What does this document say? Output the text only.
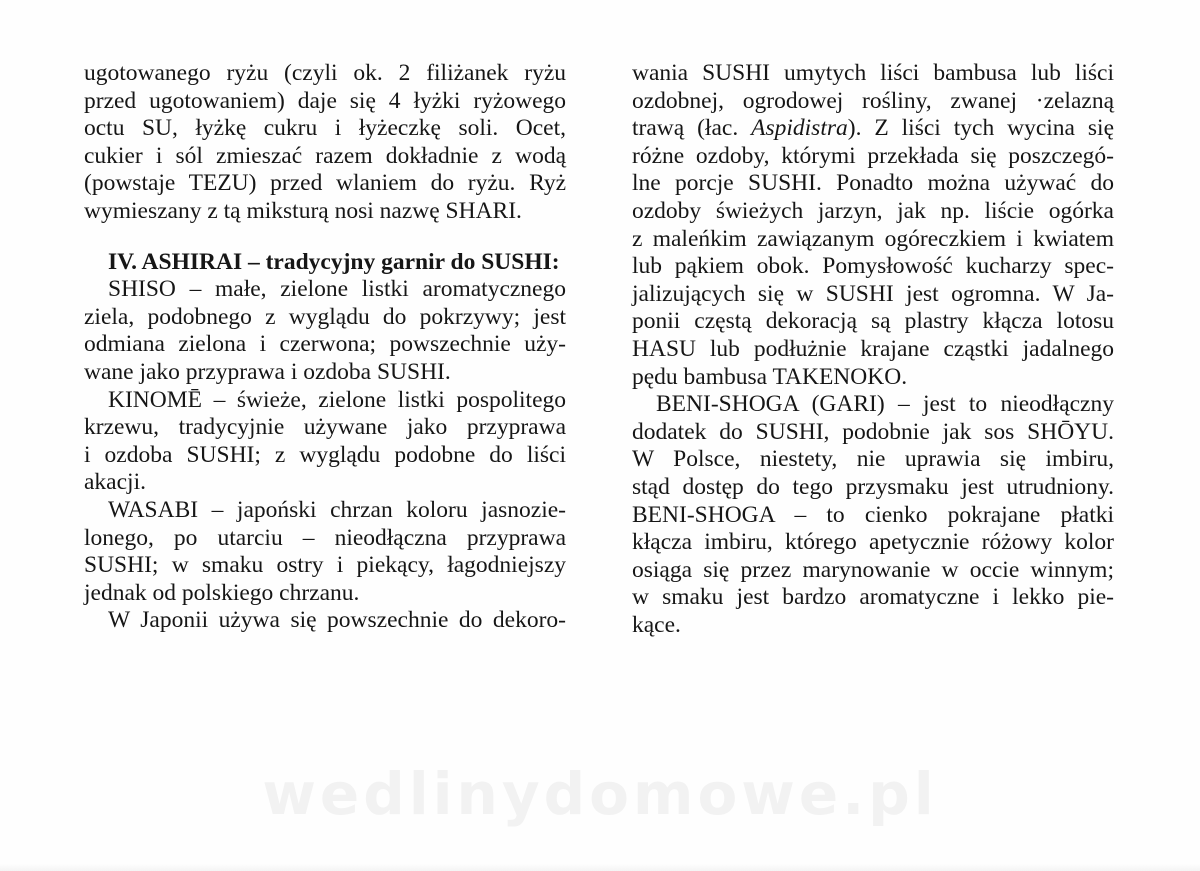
ugotowanego ryżu (czyli ok. 2 filiżanek ryżu
przed ugotowaniem) daje się 4 łyżki ryżowego
octu SU, łyżkę cukru i łyżeczkę soli. Ocet,
cukier i sól zmieszać razem dokładnie z wodą
(powstaje TEZU) przed wlaniem do ryżu. Ryż
wymieszany z tą miksturą nosi nazwę SHARI.
IV. ASHIRAI – tradycyjny garnir do SUSHI:
SHISO – małe, zielone listki aromatycznego
ziela, podobnego z wyglądu do pokrzywy; jest
odmiana zielona i czerwona; powszechnie uży-
wane jako przyprawa i ozdoba SUSHI.
KINOMĒ – świeże, zielone listki pospolitego
krzewu, tradycyjnie używane jako przyprawa
i ozdoba SUSHI; z wyglądu podobne do liści
akacji.
WASABI – japoński chrzan koloru jasnozie-
lonego, po utarciu – nieodłączna przyprawa
SUSHI; w smaku ostry i piekący, łagodniejszy
jednak od polskiego chrzanu.
W Japonii używa się powszechnie do dekoro-
wania SUSHI umytych liści bambusa lub liści
ozdobnej, ogrodowej rośliny, zwanej ·zelazną
trawą (łac. Aspidistra). Z liści tych wycina się
różne ozdoby, którymi przekłada się poszczegó-
lne porcje SUSHI. Ponadto można używać do
ozdoby świeżych jarzyn, jak np. liście ogórka
z maleńkim zawiązanym ogóreczkiem i kwiatem
lub pąkiem obok. Pomysłowość kucharzy spec-
jalizujących się w SUSHI jest ogromna. W Ja-
ponii częstą dekoracją są plastry kłącza lotosu
HASU lub podłużnie krajane cząstki jadalnego
pędu bambusa TAKENOKO.
BENI-SHOGA (GARI) – jest to nieodłączny
dodatek do SUSHI, podobnie jak sos SHŌYU.
W Polsce, niestety, nie uprawia się imbiru,
stąd dostęp do tego przysmaku jest utrudniony.
BENI-SHOGA – to cienko pokrajane płatki
kłącza imbiru, którego apetycznie różowy kolor
osiąga się przez marynowanie w occie winnym;
w smaku jest bardzo aromatyczne i lekko pie-
kące.
wedlinydomowe.pl
